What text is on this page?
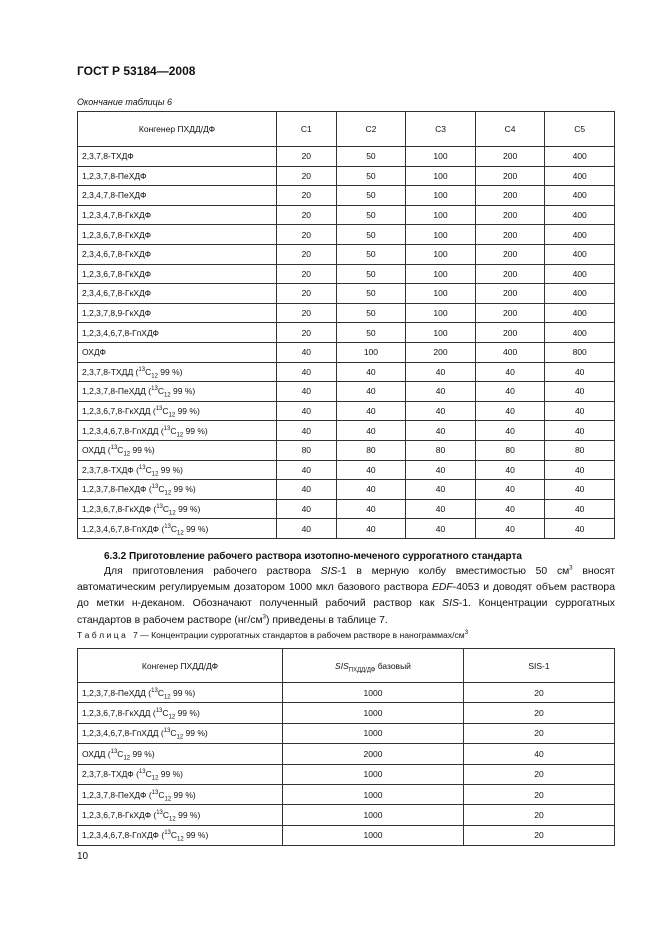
ГОСТ Р 53184—2008
Окончание таблицы 6
Конгенер ПХДД/ДФ	C1	C2	C3	C4	C5
2,3,7,8-ТХДФ	20	50	100	200	400
1,2,3,7,8-ПеХДФ	20	50	100	200	400
2,3,4,7,8-ПеХДФ	20	50	100	200	400
1,2,3,4,7,8-ГкХДФ	20	50	100	200	400
1,2,3,6,7,8-ГкХДФ	20	50	100	200	400
2,3,4,6,7,8-ГкХДФ	20	50	100	200	400
1,2,3,6,7,8-ГкХДФ	20	50	100	200	400
2,3,4,6,7,8-ГкХДФ	20	50	100	200	400
1,2,3,7,8,9-ГкХДФ	20	50	100	200	400
1,2,3,4,6,7,8-ГпХДФ	20	50	100	200	400
ОХДФ	40	100	200	400	800
2,3,7,8-ТХДД ($^{13}C_{12}$ 99 %)	40	40	40	40	40
1,2,3,7,8-ПеХДД ($^{13}C_{12}$ 99 %)	40	40	40	40	40
1,2,3,6,7,8-ГкХДД ($^{13}C_{12}$ 99 %)	40	40	40	40	40
1,2,3,4,6,7,8-ГпХДД ($^{13}C_{12}$ 99 %)	40	40	40	40	40
ОХДД ($^{13}C_{12}$ 99 %)	80	80	80	80	80
2,3,7,8-ТХДФ ($^{13}C_{12}$ 99 %)	40	40	40	40	40
1,2,3,7,8-ПеХДФ ($^{13}C_{12}$ 99 %)	40	40	40	40	40
1,2,3,6,7,8-ГкХДФ ($^{13}C_{12}$ 99 %)	40	40	40	40	40
1,2,3,4,6,7,8-ГпХДФ ($^{13}C_{12}$ 99 %)	40	40	40	40	40
6.3.2 Приготовление рабочего раствора изотопно-меченого суррогатного стандарта

Для приготовления рабочего раствора SIS-1 в мерную колбу вместимостью 50 $см^3$ вносят автоматическим регулируемым дозатором 1000 мкл базового раствора EDF-4053 и доводят объем раствора до метки н-деканом. Обозначают полученный рабочий раствор как SIS-1. Концентрации суррогатных стандартов в рабочем растворе $(нг/см^3)$ приведены в таблице 7.

Т а б л и ц а   7 — Концентрации суррогатных стандартов в рабочем растворе в нанограммах/$см^3$
Конгенер ПХДД/ДФ	$SIS_{ПХДД/ДФ}$ базовый	SIS-1
1,2,3,7,8-ПеХДД ($^{13}C_{12}$ 99 %)	1000	20
1,2,3,6,7,8-ГкХДД ($^{13}C_{12}$ 99 %)	1000	20
1,2,3,4,6,7,8-ГпХДД ($^{13}C_{12}$ 99 %)	1000	20
ОХДД ($^{13}C_{12}$ 99 %)	2000	40
2,3,7,8-ТХДФ ($^{13}C_{12}$ 99 %)	1000	20
1,2,3,7,8-ПеХДФ ($^{13}C_{12}$ 99 %)	1000	20
1,2,3,6,7,8-ГкХДФ ($^{13}C_{12}$ 99 %)	1000	20
1,2,3,4,6,7,8-ГпХДФ ($^{13}C_{12}$ 99 %)	1000	20
10
